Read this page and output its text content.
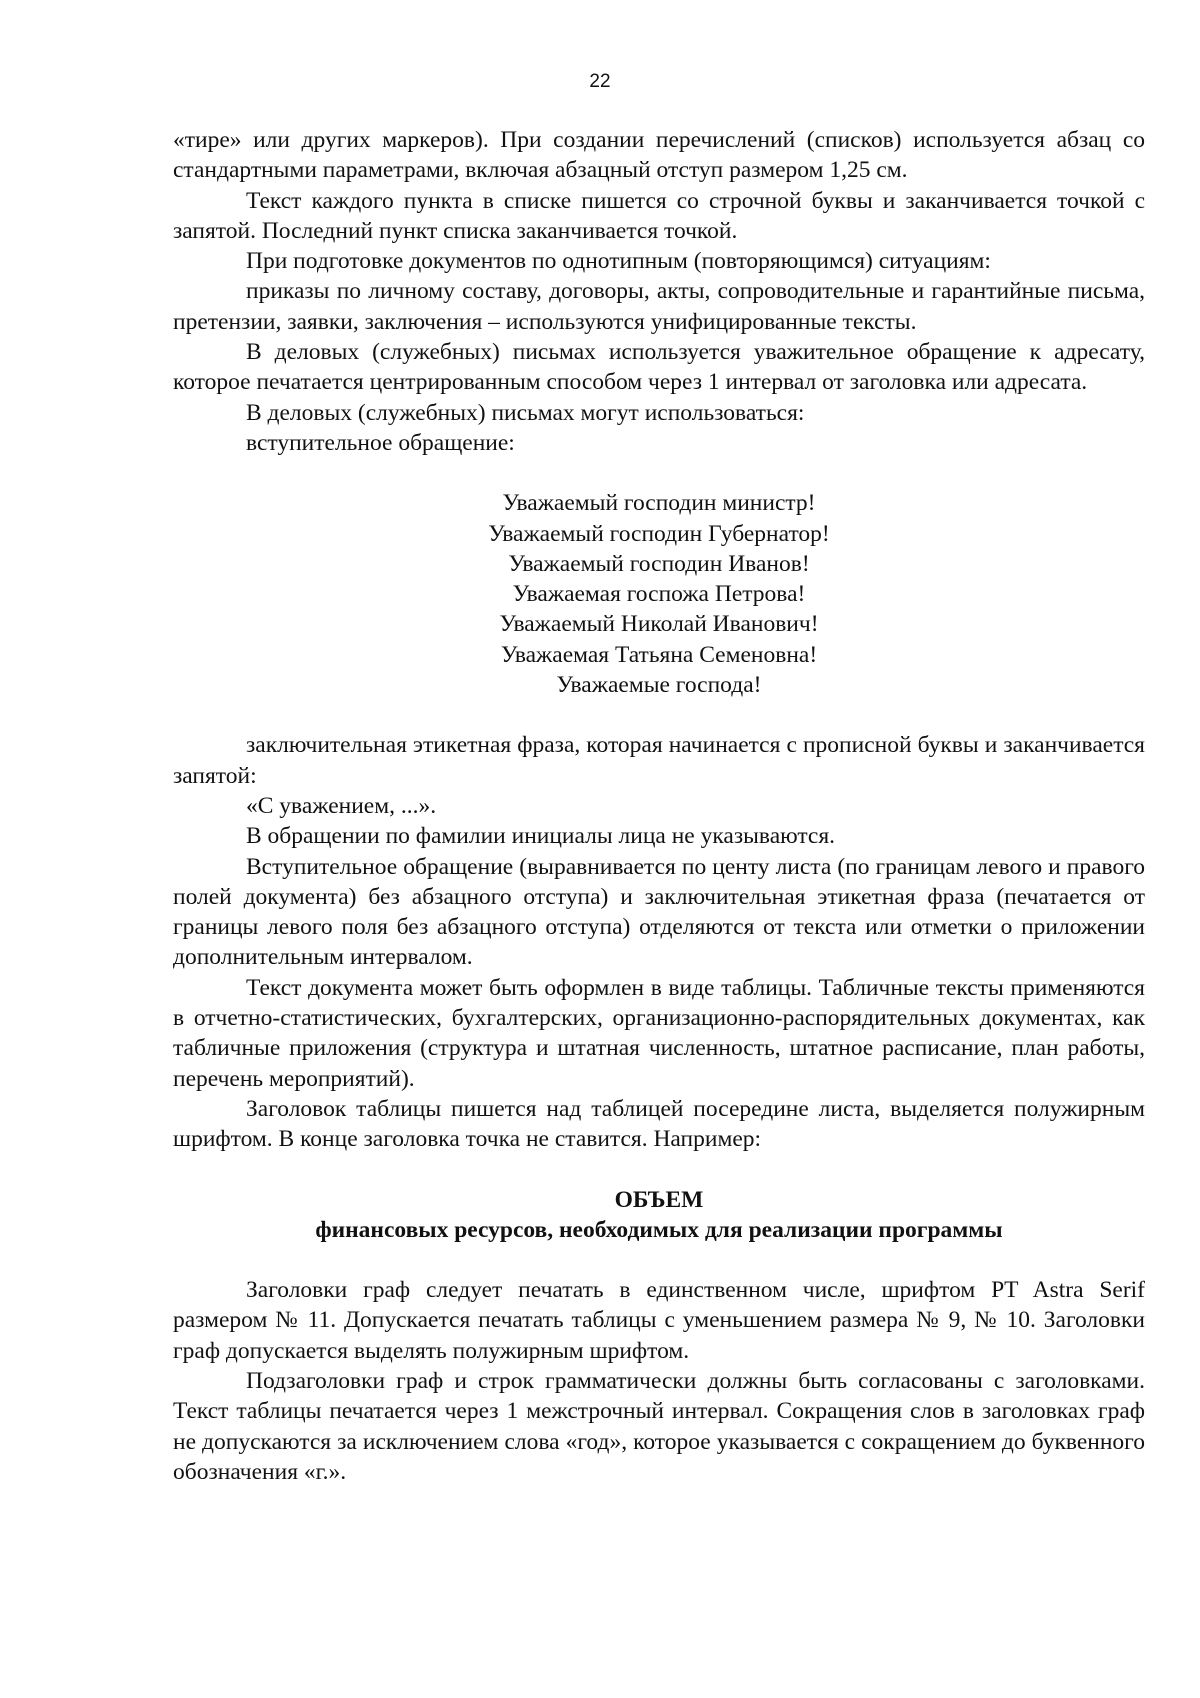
22

«тире» или других маркеров). При создании перечислений (списков) используется абзац со стандартными параметрами, включая абзацный отступ размером 1,25 см.

Текст каждого пункта в списке пишется со строчной буквы и заканчивается точкой с запятой. Последний пункт списка заканчивается точкой.

При подготовке документов по однотипным (повторяющимся) ситуациям:

приказы по личному составу, договоры, акты, сопроводительные и гарантийные письма, претензии, заявки, заключения – используются унифицированные тексты.

В деловых (служебных) письмах используется уважительное обращение к адресату, которое печатается центрированным способом через 1 интервал от заголовка или адресата.

В деловых (служебных) письмах могут использоваться:

вступительное обращение:

Уважаемый господин министр!
Уважаемый господин Губернатор!
Уважаемый господин Иванов!
Уважаемая госпожа Петрова!
Уважаемый Николай Иванович!
Уважаемая Татьяна Семеновна!
Уважаемые господа!

заключительная этикетная фраза, которая начинается с прописной буквы и заканчивается запятой:

«С уважением, ...».

В обращении по фамилии инициалы лица не указываются.

Вступительное обращение (выравнивается по центу листа (по границам левого и правого полей документа) без абзацного отступа) и заключительная этикетная фраза (печатается от границы левого поля без абзацного отступа) отделяются от текста или отметки о приложении дополнительным интервалом.

Текст документа может быть оформлен в виде таблицы. Табличные тексты применяются в отчетно-статистических, бухгалтерских, организационно-распорядительных документах, как табличные приложения (структура и штатная численность, штатное расписание, план работы, перечень мероприятий).

Заголовок таблицы пишется над таблицей посередине листа, выделяется полужирным шрифтом. В конце заголовка точка не ставится. Например:

ОБЪЕМ
финансовых ресурсов, необходимых для реализации программы

Заголовки граф следует печатать в единственном числе, шрифтом PT Astra Serif размером № 11. Допускается печатать таблицы с уменьшением размера № 9, № 10. Заголовки граф допускается выделять полужирным шрифтом.

Подзаголовки граф и строк грамматически должны быть согласованы с заголовками. Текст таблицы печатается через 1 межстрочный интервал. Сокращения слов в заголовках граф не допускаются за исключением слова «год», которое указывается с сокращением до буквенного обозначения «г.».
